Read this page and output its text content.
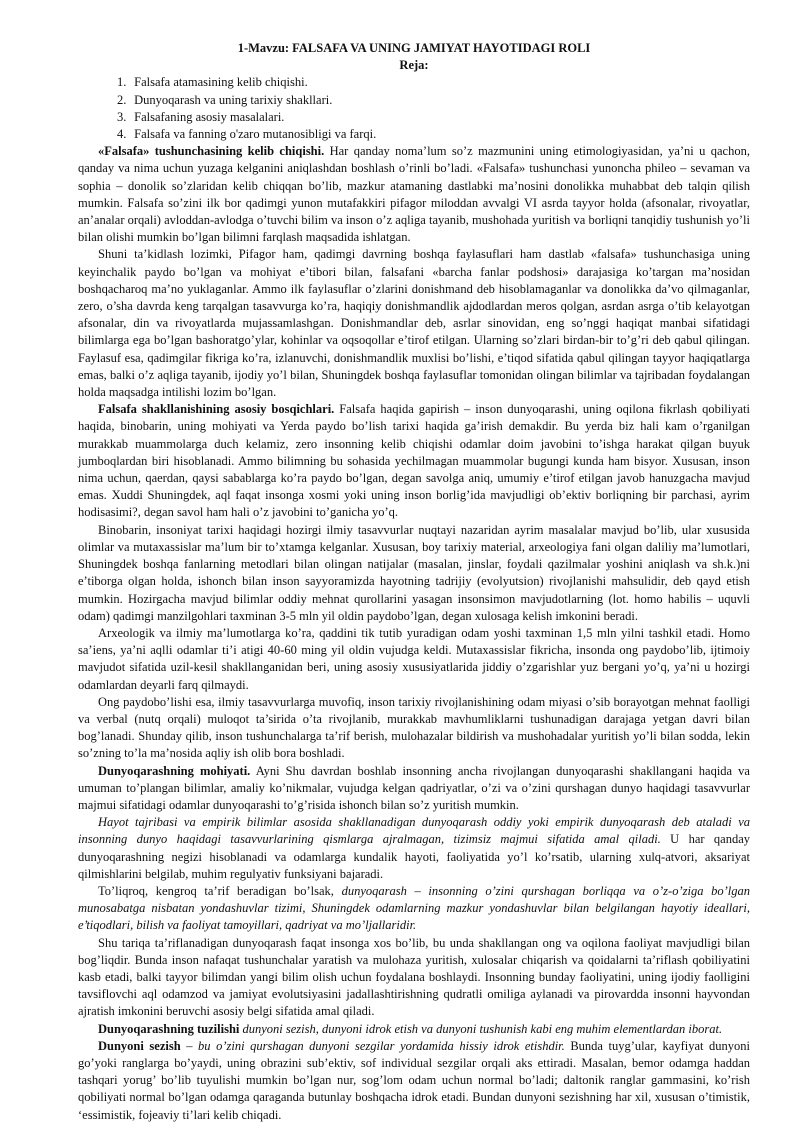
1-Mavzu: FALSAFA VA UNING JAMIYAT HAYOTIDAGI ROLI

Reja:

1. Falsafa atamasining kelib chiqishi.
2. Dunyoqarash va uning tarixiy shakllari.
3. Falsafaning asosiy masalalari.
4. Falsafa va fanning o'zaro mutanosibligi va farqi.

«Falsafa» tushunchasining kelib chiqishi. Har qanday noma’lum so’z mazmunini uning etimologiyasidan, ya’ni u qachon, qanday va nima uchun yuzaga kelganini aniqlashdan boshlash o’rinli bo’ladi. «Falsafa» tushunchasi yunoncha phileo – sevaman va sophia – donolik so’zlaridan kelib chiqqan bo’lib, mazkur atamaning dastlabki ma’nosini donolikka muhabbat deb talqin qilish mumkin. Falsafa so’zini ilk bor qadimgi yunon mutafakkiri pifagor miloddan avvalgi VI asrda tayyor holda (afsonalar, rivoyatlar, an’analar orqali) avloddan-avlodga o’tuvchi bilim va inson o’z aqliga tayanib, mushohada yuritish va borliqni tanqidiy tushunish yo’li bilan olishi mumkin bo’lgan bilimni farqlash maqsadida ishlatgan.

Shuni ta’kidlash lozimki, Pifagor ham, qadimgi davrning boshqa faylasuflari ham dastlab «falsafa» tushunchasiga uning keyinchalik paydo bo’lgan va mohiyat e’tibori bilan, falsafani «barcha fanlar podshosi» darajasiga ko’targan ma’nosidan boshqacharoq ma’no yuklaganlar. Ammo ilk faylasuflar o’zlarini donishmand deb hisoblamaganlar va donolikka da’vo qilmaganlar, zero, o’sha davrda keng tarqalgan tasavvurga ko’ra, haqiqiy donishmandlik ajdodlardan meros qolgan, asrdan asrga o’tib kelayotgan afsonalar, din va rivoyatlarda mujassamlashgan. Donishmandlar deb, asrlar sinovidan, eng so’nggi haqiqat manbai sifatidagi bilimlarga ega bo’lgan bashoratgo’ylar, kohinlar va oqsoqollar e’tirof etilgan. Ularning so’zlari birdan-bir to’g’ri deb qabul qilingan. Faylasuf esa, qadimgilar fikriga ko’ra, izlanuvchi, donishmandlik muxlisi bo’lishi, e’tiqod sifatida qabul qilingan tayyor haqiqatlarga emas, balki o’z aqliga tayanib, ijodiy yo’l bilan, Shuningdek boshqa faylasuflar tomonidan olingan bilimlar va tajribadan foydalangan holda maqsadga intilishi lozim bo’lgan.

Falsafa shakllanishining asosiy bosqichlari. Falsafa haqida gapirish – inson dunyoqarashi, uning oqilona fikrlash qobiliyati haqida, binobarin, uning mohiyati va Yerda paydo bo’lish tarixi haqida ga’irish demakdir. Bu yerda biz hali kam o’rganilgan murakkab muammolarga duch kelamiz, zero insonning kelib chiqishi odamlar doim javobini to’ishga harakat qilgan buyuk jumboqlardan biri hisoblanadi. Ammo bilimning bu sohasida yechilmagan muammolar bugungi kunda ham bisyor. Xususan, inson nima uchun, qaerdan, qaysi sabablarga ko’ra paydo bo’lgan, degan savolga aniq, umumiy e’tirof etilgan javob hanuzgacha mavjud emas. Xuddi Shuningdek, aql faqat insonga xosmi yoki uning inson borlig’ida mavjudligi ob’ektiv borliqning bir parchasi, ayrim hodisasimi?, degan savol ham hali o’z javobini to’ganicha yo’q.

Binobarin, insoniyat tarixi haqidagi hozirgi ilmiy tasavvurlar nuqtayi nazaridan ayrim masalalar mavjud bo’lib, ular xususida olimlar va mutaxassislar ma’lum bir to’xtamga kelganlar. Xususan, boy tarixiy material, arxeologiya fani olgan daliliy ma’lumotlari, Shuningdek boshqa fanlarning metodlari bilan olingan natijalar (masalan, jinslar, foydali qazilmalar yoshini aniqlash va sh.k.)ni e’tiborga olgan holda, ishonch bilan inson sayyoramizda hayotning tadrijiy (evolyutsion) rivojlanishi mahsulidir, deb qayd etish mumkin. Hozirgacha mavjud bilimlar oddiy mehnat qurollarini yasagan insonsimon mavjudotlarning (lot. homo habilis – uquvli odam) qadimgi manzilgohlari taxminan 3-5 mln yil oldin paydobo’lgan, degan xulosaga kelish imkonini beradi.

Arxeologik va ilmiy ma’lumotlarga ko’ra, qaddini tik tutib yuradigan odam yoshi taxminan 1,5 mln yilni tashkil etadi. Homo sa’iens, ya’ni aqlli odamlar ti’i atigi 40-60 ming yil oldin vujudga keldi. Mutaxassislar fikricha, insonda ong paydobo’lib, ijtimoiy mavjudot sifatida uzil-kesil shakllanganidan beri, uning asosiy xususiyatlarida jiddiy o’zgarishlar yuz bergani yo’q, ya’ni u hozirgi odamlardan deyarli farq qilmaydi.

Ong paydobo’lishi esa, ilmiy tasavvurlarga muvofiq, inson tarixiy rivojlanishining odam miyasi o’sib borayotgan mehnat faolligi va verbal (nutq orqali) muloqot ta’sirida o’ta rivojlanib, murakkab mavhumliklarni tushunadigan darajaga yetgan davri bilan bog’lanadi. Shunday qilib, inson tushunchalarga ta’rif berish, mulohazalar bildirish va mushohadalar yuritish yo’li bilan sodda, lekin so’zning to’la ma’nosida aqliy ish olib bora boshladi.

Dunyoqarashning mohiyati. Ayni Shu davrdan boshlab insonning ancha rivojlangan dunyoqarashi shakllangani haqida va umuman to’plangan bilimlar, amaliy ko’nikmalar, vujudga kelgan qadriyatlar, o’zi va o’zini qurshagan dunyo haqidagi tasavvurlar majmui sifatidagi odamlar dunyoqarashi to’g’risida ishonch bilan so’z yuritish mumkin.

Hayot tajribasi va empirik bilimlar asosida shakllanadigan dunyoqarash oddiy yoki empirik dunyoqarash deb ataladi va insonning dunyo haqidagi tasavvurlarining qismlarga ajralmagan, tizimsiz majmui sifatida amal qiladi. U har qanday dunyoqarashning negizi hisoblanadi va odamlarga kundalik hayoti, faoliyatida yo’l ko’rsatib, ularning xulq-atvori, aksariyat qilmishlarini belgilab, muhim regulyativ funksiyani bajaradi.

To’liqroq, kengroq ta’rif beradigan bo’lsak, dunyoqarash – insonning o’zini qurshagan borliqqa va o’z-o’ziga bo’lgan munosabatga nisbatan yondashuvlar tizimi, Shuningdek odamlarning mazkur yondashuvlar bilan belgilangan hayotiy ideallari, e’tiqodlari, bilish va faoliyat tamoyillari, qadriyat va mo’ljallaridir.

Shu tariqa ta’riflanadigan dunyoqarash faqat insonga xos bo’lib, bu unda shakllangan ong va oqilona faoliyat mavjudligi bilan bog’liqdir. Bunda inson nafaqat tushunchalar yaratish va mulohaza yuritish, xulosalar chiqarish va qoidalarni ta’riflash qobiliyatini kasb etadi, balki tayyor bilimdan yangi bilim olish uchun foydalana boshlaydi. Insonning bunday faoliyatini, uning ijodiy faolligini tavsiflovchi aql odamzod va jamiyat evolutsiyasini jadallashtirishning qudratli omiliga aylanadi va pirovardda insonni hayvondan ajratish imkonini beruvchi asosiy belgi sifatida amal qiladi.

Dunyoqarashning tuzilishi dunyoni sezish, dunyoni idrok etish va dunyoni tushunish kabi eng muhim elementlardan iborat.

Dunyoni sezish – bu o’zini qurshagan dunyoni sezgilar yordamida hissiy idrok etishdir. Bunda tuyg’ular, kayfiyat dunyoni go’yoki ranglarga bo’yaydi, uning obrazini sub’ektiv, sof individual sezgilar orqali aks ettiradi. Masalan, bemor odamga haddan tashqari yorug’ bo’lib tuyulishi mumkin bo’lgan nur, sog’lom odam uchun normal bo’ladi; daltonik ranglar gammasini, ko’rish qobiliyati normal bo’lgan odamga qaraganda butunlay boshqacha idrok etadi. Bundan dunyoni sezishning har xil, xususan o’timistik, ‘essimistik, fojeaviy ti’lari kelib chiqadi.
